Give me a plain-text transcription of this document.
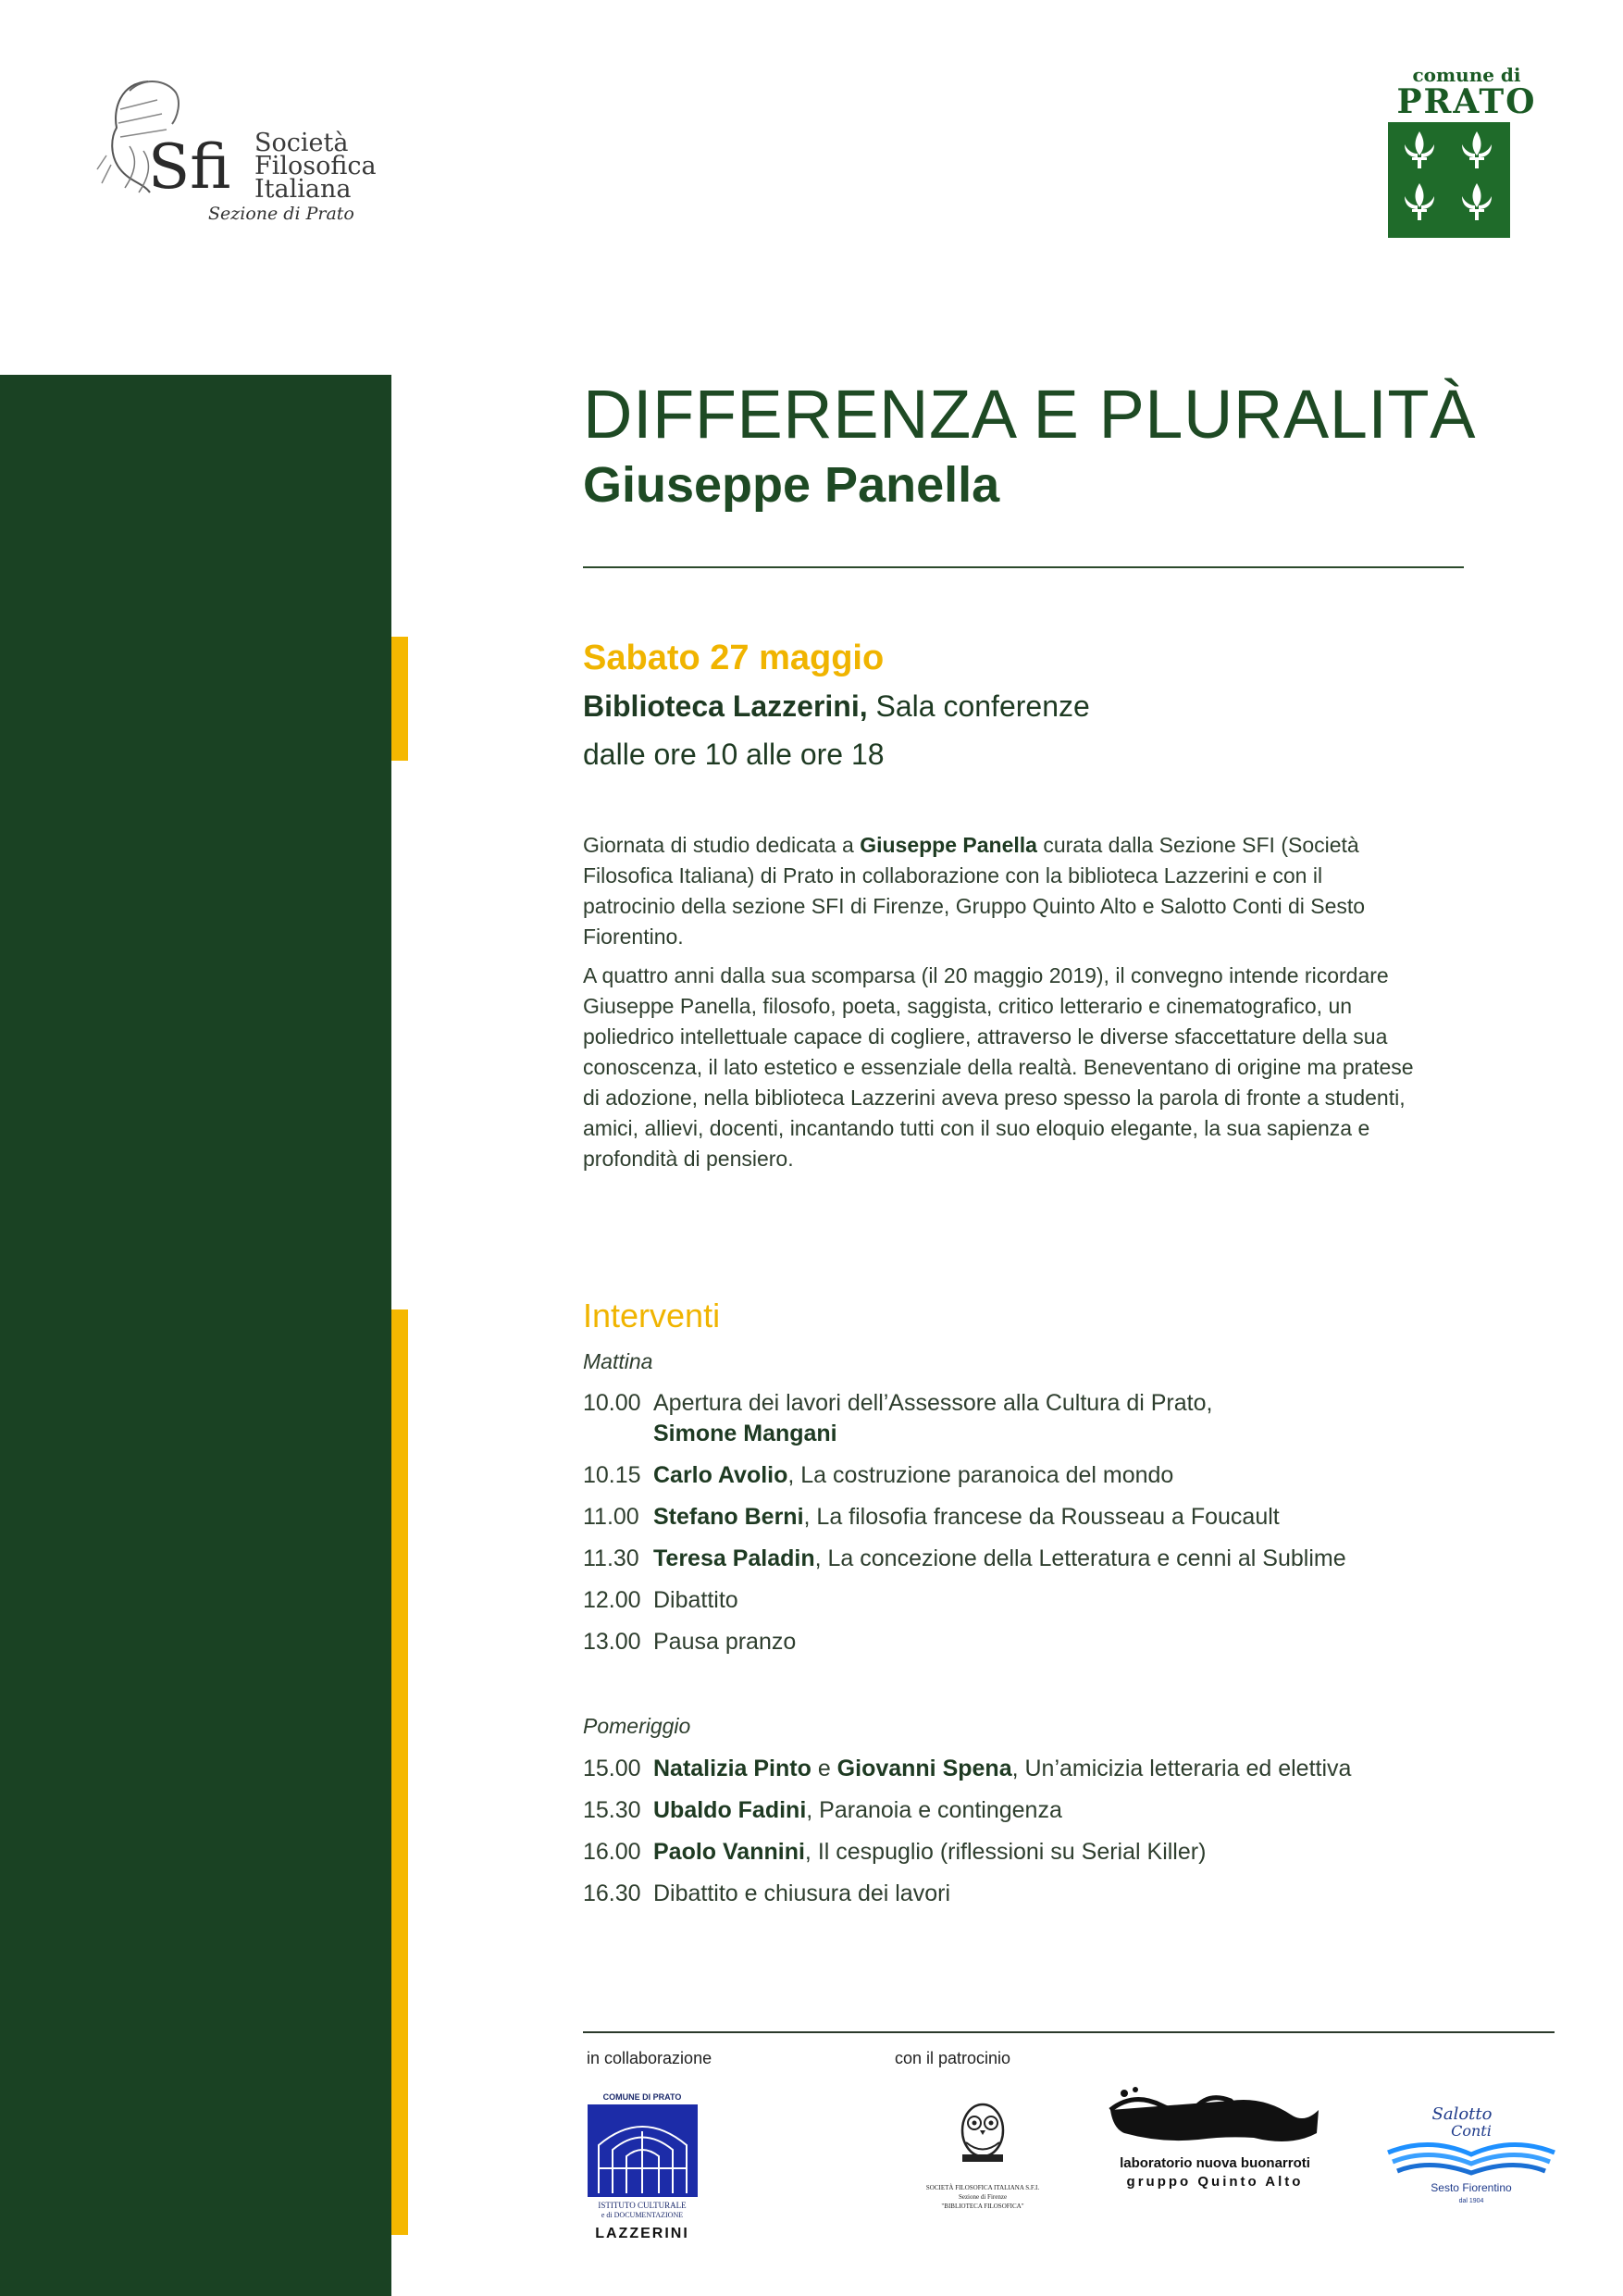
Sfi Società
Filosofica
Italiana
Sezione di Prato
comune di
PRATO
DIFFERENZA E PLURALITÀ
Giuseppe Panella
Sabato 27 maggio
Biblioteca Lazzerini, Sala conferenze
dalle ore 10 alle ore 18

Giornata di studio dedicata a Giuseppe Panella curata dalla Sezione SFI (Società Filosofica Italiana) di Prato in collaborazione con la biblioteca Lazzerini e con il patrocinio della sezione SFI di Firenze, Gruppo Quinto Alto e Salotto Conti di Sesto Fiorentino.

A quattro anni dalla sua scomparsa (il 20 maggio 2019), il convegno intende ricordare Giuseppe Panella, filosofo, poeta, saggista, critico letterario e cinematografico, un poliedrico intellettuale capace di cogliere, attraverso le diverse sfaccettature della sua conoscenza, il lato estetico e essenziale della realtà. Beneventano di origine ma pratese di adozione, nella biblioteca Lazzerini aveva preso spesso la parola di fronte a studenti, amici, allievi, docenti, incantando tutti con il suo eloquio elegante, la sua sapienza e profondità di pensiero.

Interventi
Mattina
10.00 Apertura dei lavori dell’Assessore alla Cultura di Prato,
Simone Mangani
10.15 Carlo Avolio, La costruzione paranoica del mondo
11.00 Stefano Berni, La filosofia francese da Rousseau a Foucault
11.30 Teresa Paladin, La concezione della Letteratura e cenni al Sublime
12.00 Dibattito
13.00 Pausa pranzo
Pomeriggio
15.00 Natalizia Pinto e Giovanni Spena, Un’amicizia letteraria ed elettiva
15.30 Ubaldo Fadini, Paranoia e contingenza
16.00 Paolo Vannini, Il cespuglio (riflessioni su Serial Killer)
16.30 Dibattito e chiusura dei lavori
in collaborazione	con il patrocinio
COMUNE DI PRATO
ISTITUTO CULTURALE
e di DOCUMENTAZIONE
LAZZERINI
SOCIETÀ FILOSOFICA ITALIANA S.F.I.
Sezione di Firenze
"BIBLIOTECA FILOSOFICA"
laboratorio nuova buonarroti
gruppo Quinto Alto
Salotto
Conti
Sesto Fiorentino
dal 1904
